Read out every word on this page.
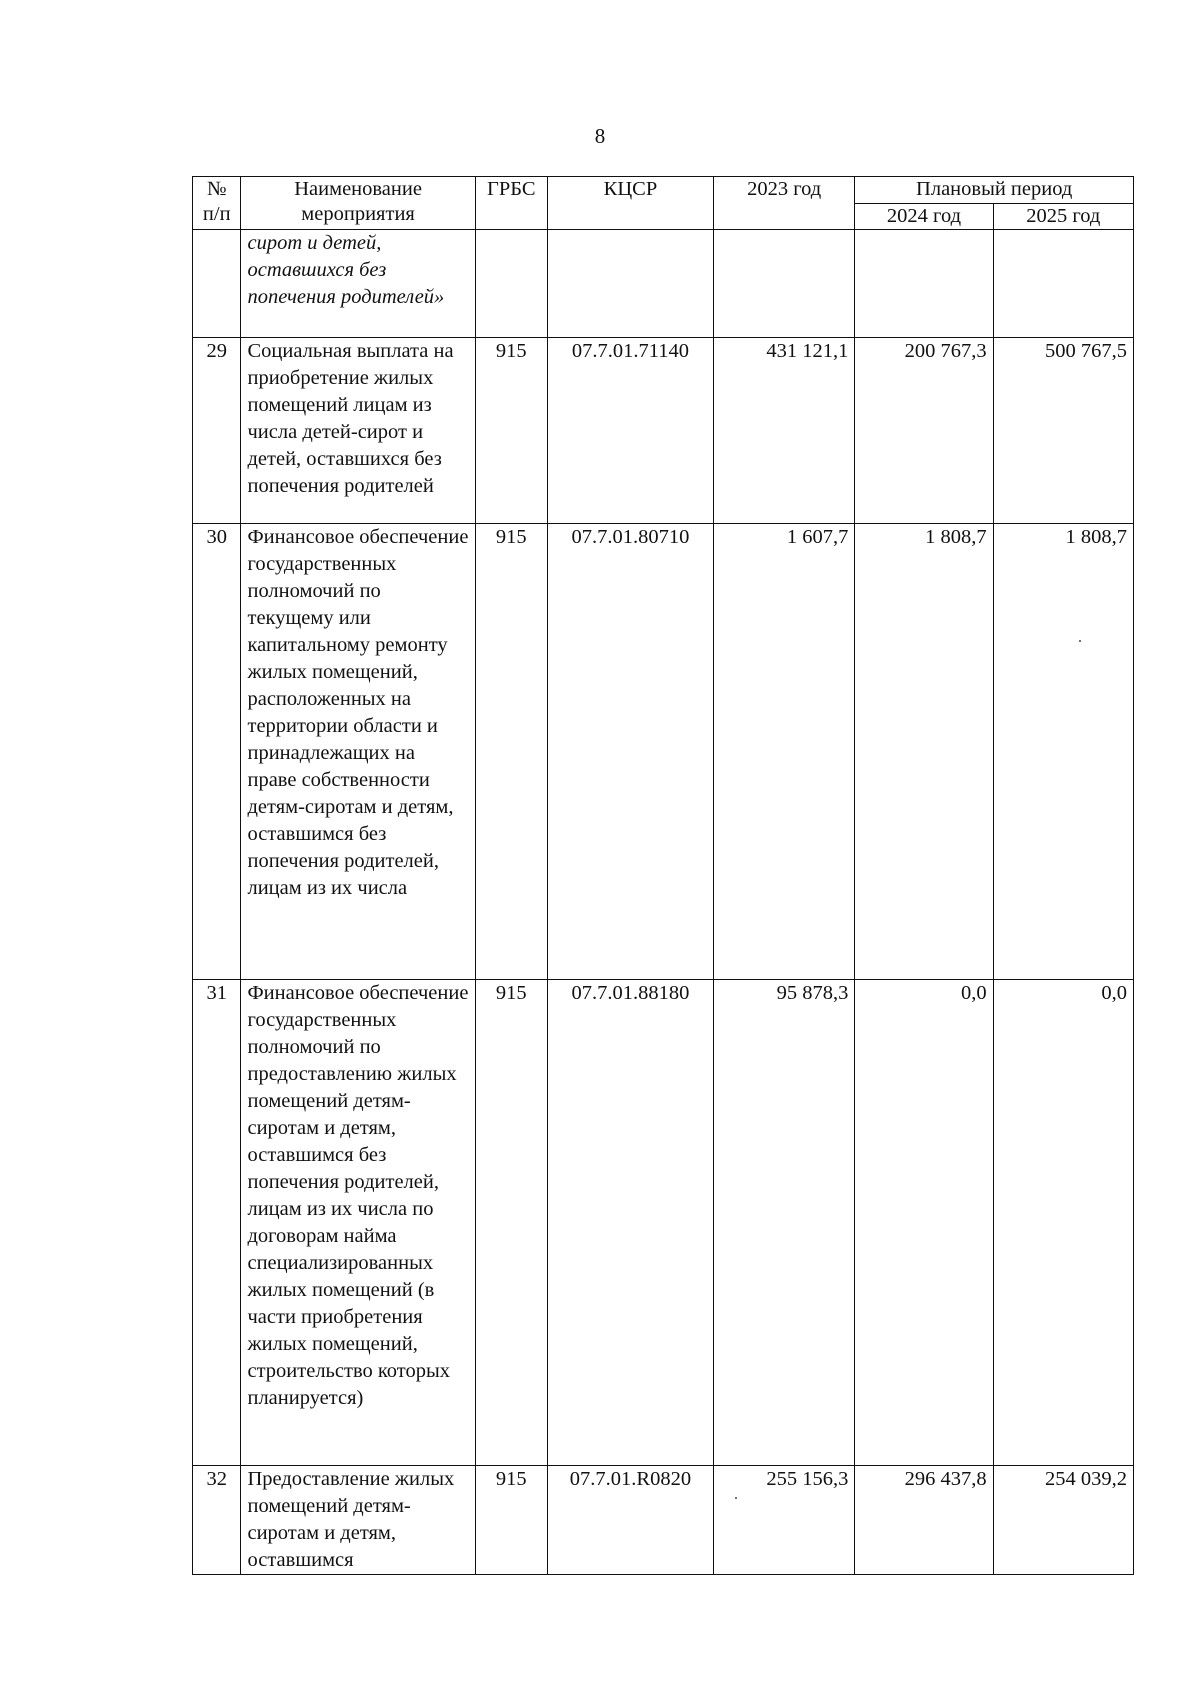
8
№
п/п	Наименование мероприятия	ГРБС	КЦСР	2023 год	Плановый период	
					2024 год	2025 год
	сирот и детей, оставшихся без попечения родителей»					
29	Социальная выплата на приобретение жилых помещений лицам из числа детей-сирот и детей, оставшихся без попечения родителей	915	07.7.01.71140	431 121,1	200 767,3	500 767,5
30	Финансовое обеспечение государственных полномочий по текущему или капитальному ремонту жилых помещений, расположенных на территории области и принадлежащих на праве собственности детям-сиротам и детям, оставшимся без попечения родителей, лицам из их числа	915	07.7.01.80710	1 607,7	1 808,7	1 808,7
31	Финансовое обеспечение государственных полномочий по предоставлению жилых помещений детям-сиротам и детям, оставшимся без попечения родителей, лицам из их числа по договорам найма специализированных жилых помещений (в части приобретения жилых помещений, строительство которых планируется)	915	07.7.01.88180	95 878,3	0,0	0,0
32	Предоставление жилых помещений детям-сиротам и детям, оставшимся	915	07.7.01.R0820	255 156,3	296 437,8	254 039,2
